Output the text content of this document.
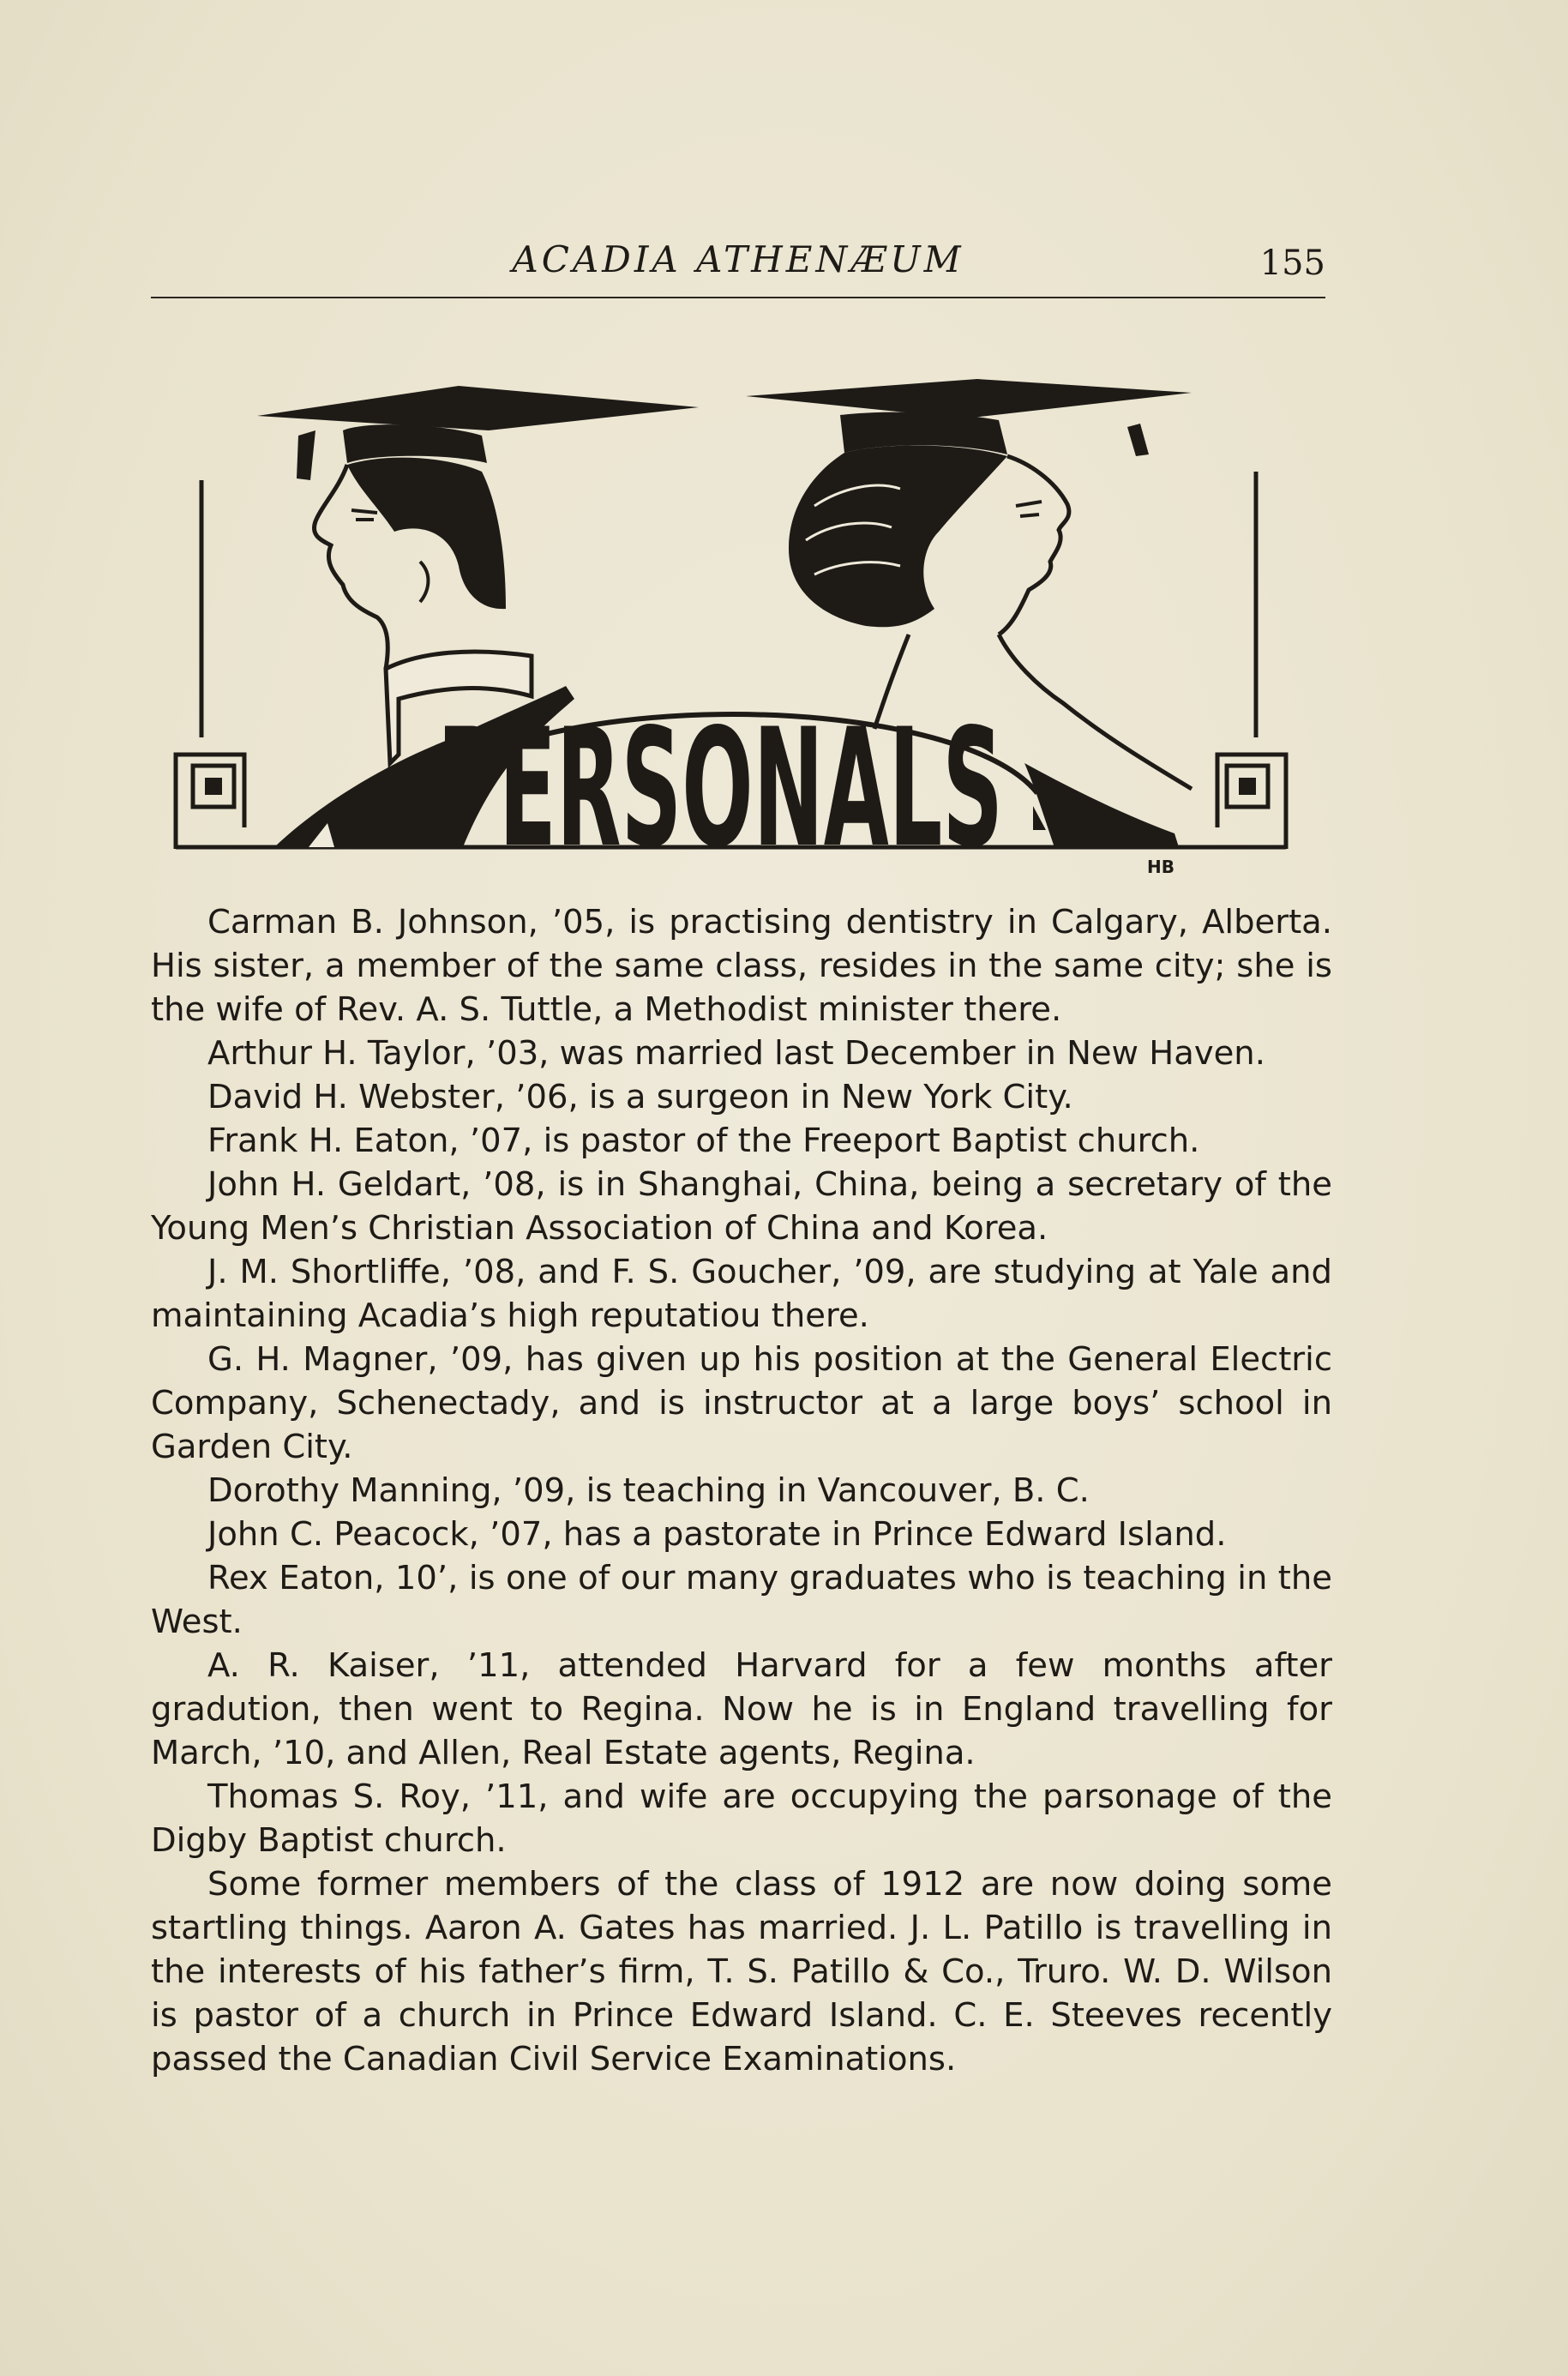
ACADIA ATHENÆUM	155
PERSONALS	HB

Carman B. Johnson, ’05, is practising dentistry in Calgary, Alberta. His sister, a member of the same class, resides in the same city; she is the wife of Rev. A. S. Tuttle, a Methodist minister there.

Arthur H. Taylor, ’03, was married last December in New Haven.

David H. Webster, ’06, is a surgeon in New York City.

Frank H. Eaton, ’07, is pastor of the Freeport Baptist church.

John H. Geldart, ’08, is in Shanghai, China, being a secretary of the Young Men’s Christian Association of China and Korea.

J. M. Shortliffe, ’08, and F. S. Goucher, ’09, are studying at Yale and maintaining Acadia’s high reputatiou there.

G. H. Magner, ’09, has given up his position at the General Electric Company, Schenectady, and is instructor at a large boys’ school in Garden City.

Dorothy Manning, ’09, is teaching in Vancouver, B. C.

John C. Peacock, ’07, has a pastorate in Prince Edward Island.

Rex Eaton, 10’, is one of our many graduates who is teaching in the West.

A. R. Kaiser, ’11, attended Harvard for a few months after gradution, then went to Regina. Now he is in England travelling for March, ’10, and Allen, Real Estate agents, Regina.

Thomas S. Roy, ’11, and wife are occupying the parsonage of the Digby Baptist church.

Some former members of the class of 1912 are now doing some startling things. Aaron A. Gates has married. J. L. Patillo is travelling in the interests of his father’s firm, T. S. Patillo & Co., Truro. W. D. Wilson is pastor of a church in Prince Edward Island. C. E. Steeves recently passed the Canadian Civil Service Examinations.
